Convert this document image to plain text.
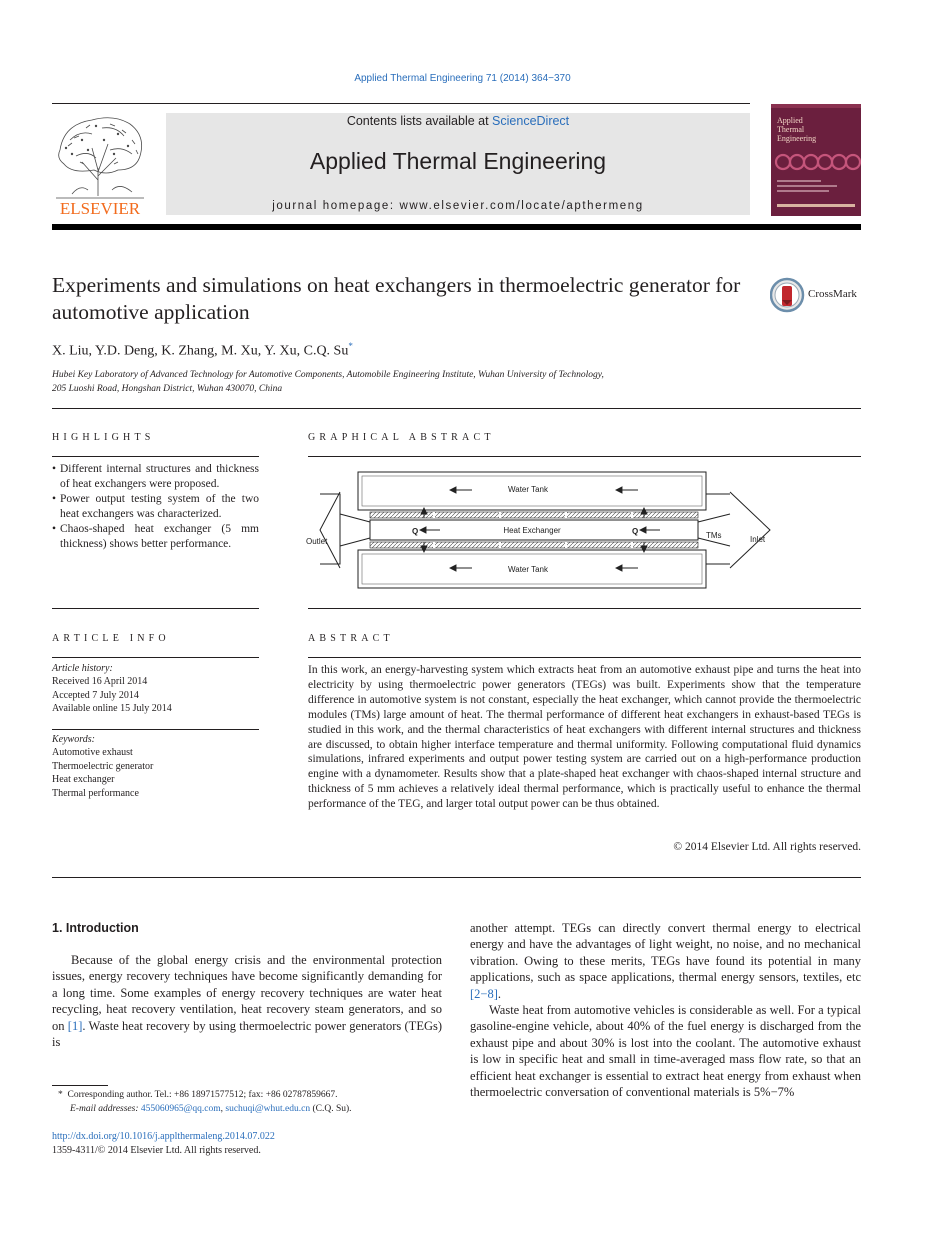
Applied Thermal Engineering 71 (2014) 364−370
ELSEVIER
Contents lists available at ScienceDirect
Applied Thermal Engineering
journal homepage: www.elsevier.com/locate/apthermeng
Applied
Thermal
Engineering
Experiments and simulations on heat exchangers in thermoelectric generator for automotive application
CrossMark
X. Liu, Y.D. Deng, K. Zhang, M. Xu, Y. Xu, C.Q. Su*
Hubei Key Laboratory of Advanced Technology for Automotive Components, Automobile Engineering Institute, Wuhan University of Technology,
205 Luoshi Road, Hongshan District, Wuhan 430070, China
HIGHLIGHTS
• Different internal structures and thickness of heat exchangers were proposed.
• Power output testing system of the two heat exchangers was characterized.
• Chaos-shaped heat exchanger (5 mm thickness) shows better performance.
GRAPHICAL ABSTRACT
Water Tank
Water Tank
Heat Exchanger
Q	Q
Outlet	Inlet
TMs
ARTICLE INFO
Article history:
Received 16 April 2014
Accepted 7 July 2014
Available online 15 July 2014
Keywords:
Automotive exhaust
Thermoelectric generator
Heat exchanger
Thermal performance
ABSTRACT
In this work, an energy-harvesting system which extracts heat from an automotive exhaust pipe and turns the heat into electricity by using thermoelectric power generators (TEGs) was built. Experiments show that the temperature difference in automotive system is not constant, especially the heat exchanger, which cannot provide the thermoelectric modules (TMs) large amount of heat. The thermal performance of different heat exchangers in exhaust-based TEGs is studied in this work, and the thermal characteristics of heat exchangers with different internal structures and thickness are discussed, to obtain higher interface temperature and thermal uniformity. Following computational fluid dynamics simulations, infrared experiments and output power testing system are carried out on a high-performance production engine with a dynamometer. Results show that a plate-shaped heat exchanger with chaos-shaped internal structure and thickness of 5 mm achieves a relatively ideal thermal performance, which is practically useful to enhance the thermal performance of the TEG, and larger total output power can be thus obtained.
© 2014 Elsevier Ltd. All rights reserved.
1. Introduction
Because of the global energy crisis and the environmental protection issues, energy recovery techniques have become significantly demanding for a long time. Some examples of energy recovery techniques are water heat recycling, heat recovery ventilation, heat recovery steam generators, and so on [1]. Waste heat recovery by using thermoelectric power generators (TEGs) is

another attempt. TEGs can directly convert thermal energy to electrical energy and have the advantages of light weight, no noise, and no mechanical vibration. Owing to these merits, TEGs have found its potential in many applications, such as space applications, thermal energy sensors, textiles, etc [2−8].

Waste heat from automotive vehicles is considerable as well. For a typical gasoline-engine vehicle, about 40% of the fuel energy is discharged from the exhaust pipe and about 30% is lost into the coolant. The automotive exhaust is low in specific heat and small in time-averaged mass flow rate, so that an efficient heat exchanger is essential to extract heat energy from exhaust when thermoelectric conversation of conventional materials is 5%−7%

* Corresponding author. Tel.: +86 18971577512; fax: +86 02787859667.
E-mail addresses: 455060965@qq.com, suchuqi@whut.edu.cn (C.Q. Su).
http://dx.doi.org/10.1016/j.applthermaleng.2014.07.022
1359-4311/© 2014 Elsevier Ltd. All rights reserved.
